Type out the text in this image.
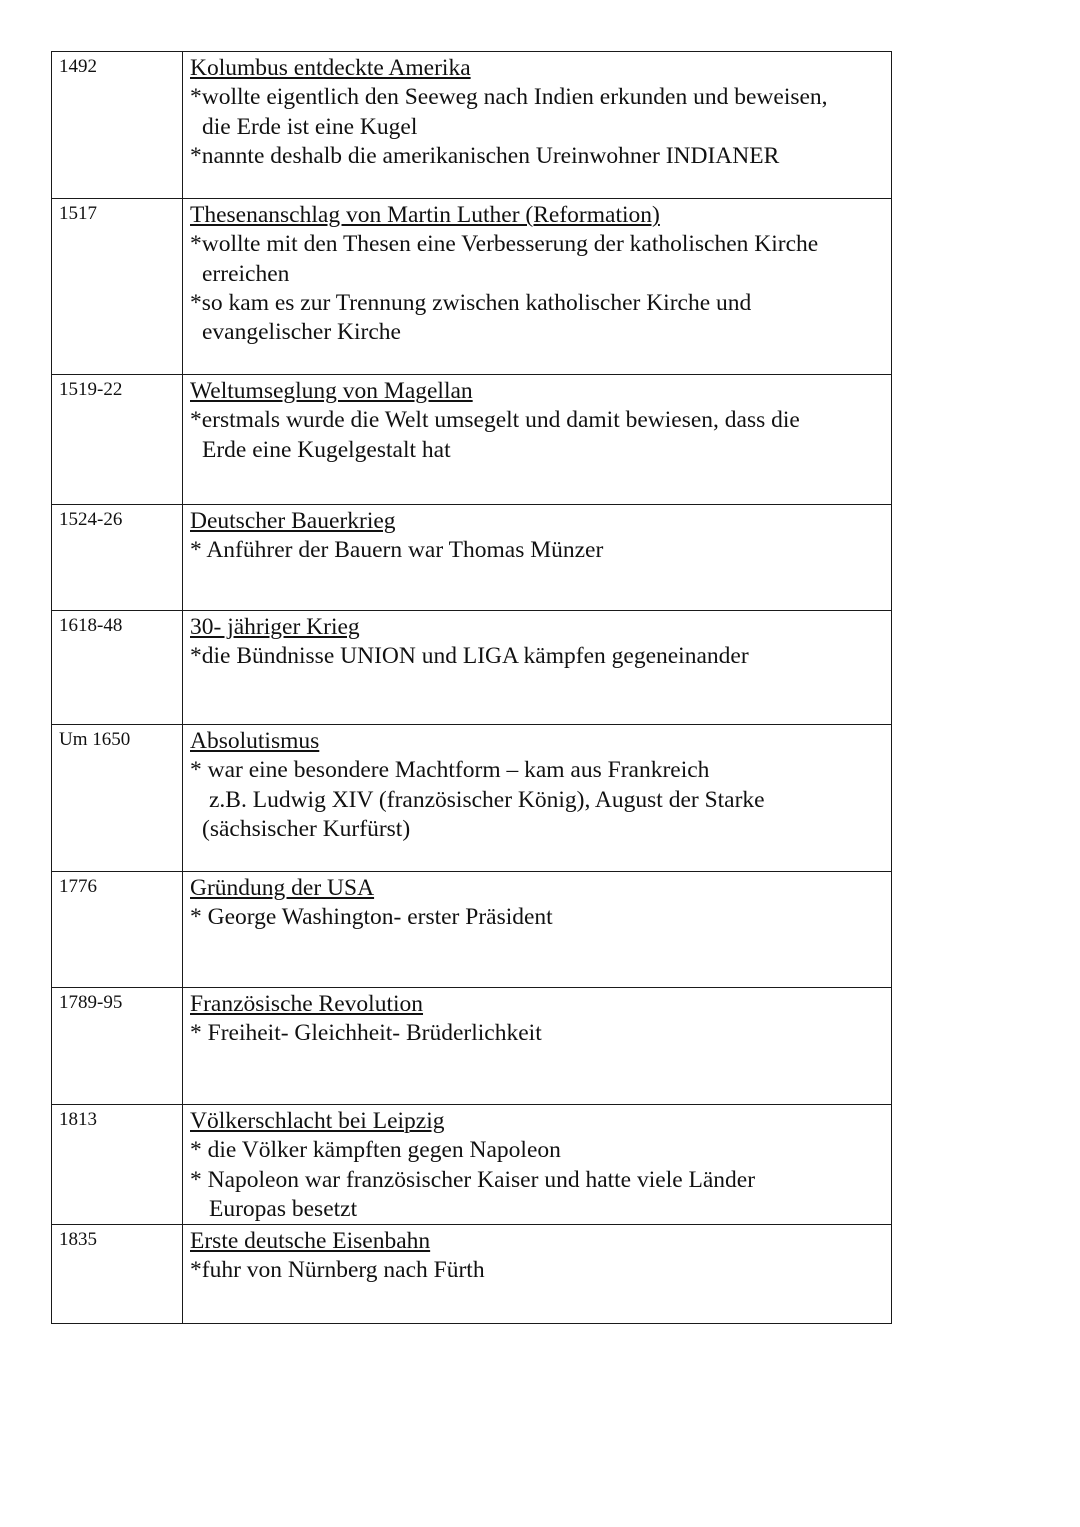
1492	Kolumbus entdeckte Amerika
*wollte eigentlich den Seeweg nach Indien erkunden und beweisen,
die Erde ist eine Kugel
*nannte deshalb die amerikanischen Ureinwohner INDIANER

1517	Thesenanschlag von Martin Luther (Reformation)
*wollte mit den Thesen eine Verbesserung der katholischen Kirche
erreichen
*so kam es zur Trennung zwischen katholischer Kirche und
evangelischer Kirche

1519-22	Weltumseglung von Magellan
*erstmals wurde die Welt umsegelt und damit bewiesen, dass die
Erde eine Kugelgestalt hat

1524-26	Deutscher Bauerkrieg
* Anführer der Bauern war Thomas Münzer

1618-48	30- jähriger Krieg
*die Bündnisse UNION und LIGA kämpfen gegeneinander

Um 1650	Absolutismus
* war eine besondere Machtform – kam aus Frankreich
z.B. Ludwig XIV (französischer König), August der Starke
(sächsischer Kurfürst)

1776	Gründung der USA
* George Washington- erster Präsident

1789-95	Französische Revolution
* Freiheit- Gleichheit- Brüderlichkeit

1813	Völkerschlacht bei Leipzig
* die Völker kämpften gegen Napoleon
* Napoleon war französischer Kaiser und hatte viele Länder
Europas besetzt

1835	Erste deutsche Eisenbahn
*fuhr von Nürnberg nach Fürth
